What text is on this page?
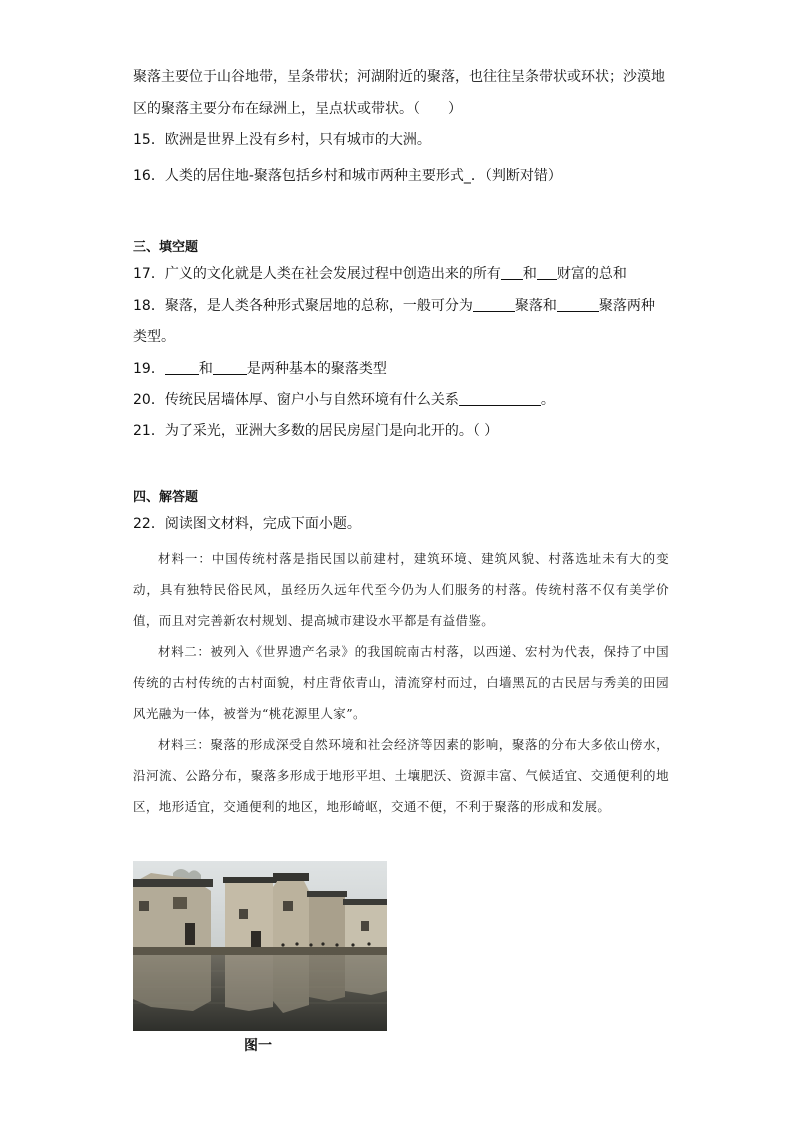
聚落主要位于山谷地带，呈条带状；河湖附近的聚落，也往往呈条带状或环状；沙漠地
区的聚落主要分布在绿洲上，呈点状或带状。（　　）
15．欧洲是世界上没有乡村，只有城市的大洲。
16．人类的居住地-聚落包括乡村和城市两种主要形式_．（判断对错）
三、填空题
17．广义的文化就是人类在社会发展过程中创造出来的所有 和 财富的总和
18．聚落，是人类各种形式聚居地的总称，一般可分为	聚落和	聚落两种
类型。
19． 和 是两种基本的聚落类型
20．传统民居墙体厚、窗户小与自然环境有什么关系	。
21．为了采光，亚洲大多数的居民房屋门是向北开的。（ ）
四、解答题
22．阅读图文材料，完成下面小题。

材料一：中国传统村落是指民国以前建村，建筑环境、建筑风貌、村落选址未有大的变动，具有独特民俗民风，虽经历久远年代至今仍为人们服务的村落。传统村落不仅有美学价值，而且对完善新农村规划、提高城市建设水平都是有益借鉴。

材料二：被列入《世界遗产名录》的我国皖南古村落，以西递、宏村为代表，保持了中国传统的古村传统的古村面貌，村庄背依青山，清流穿村而过，白墙黑瓦的古民居与秀美的田园风光融为一体，被誉为“桃花源里人家”。

材料三：聚落的形成深受自然环境和社会经济等因素的影响，聚落的分布大多依山傍水，沿河流、公路分布，聚落多形成于地形平坦、土壤肥沃、资源丰富、气候适宜、交通便利的地区，地形适宜，交通便利的地区，地形崎岖，交通不便，不利于聚落的形成和发展。

图一
